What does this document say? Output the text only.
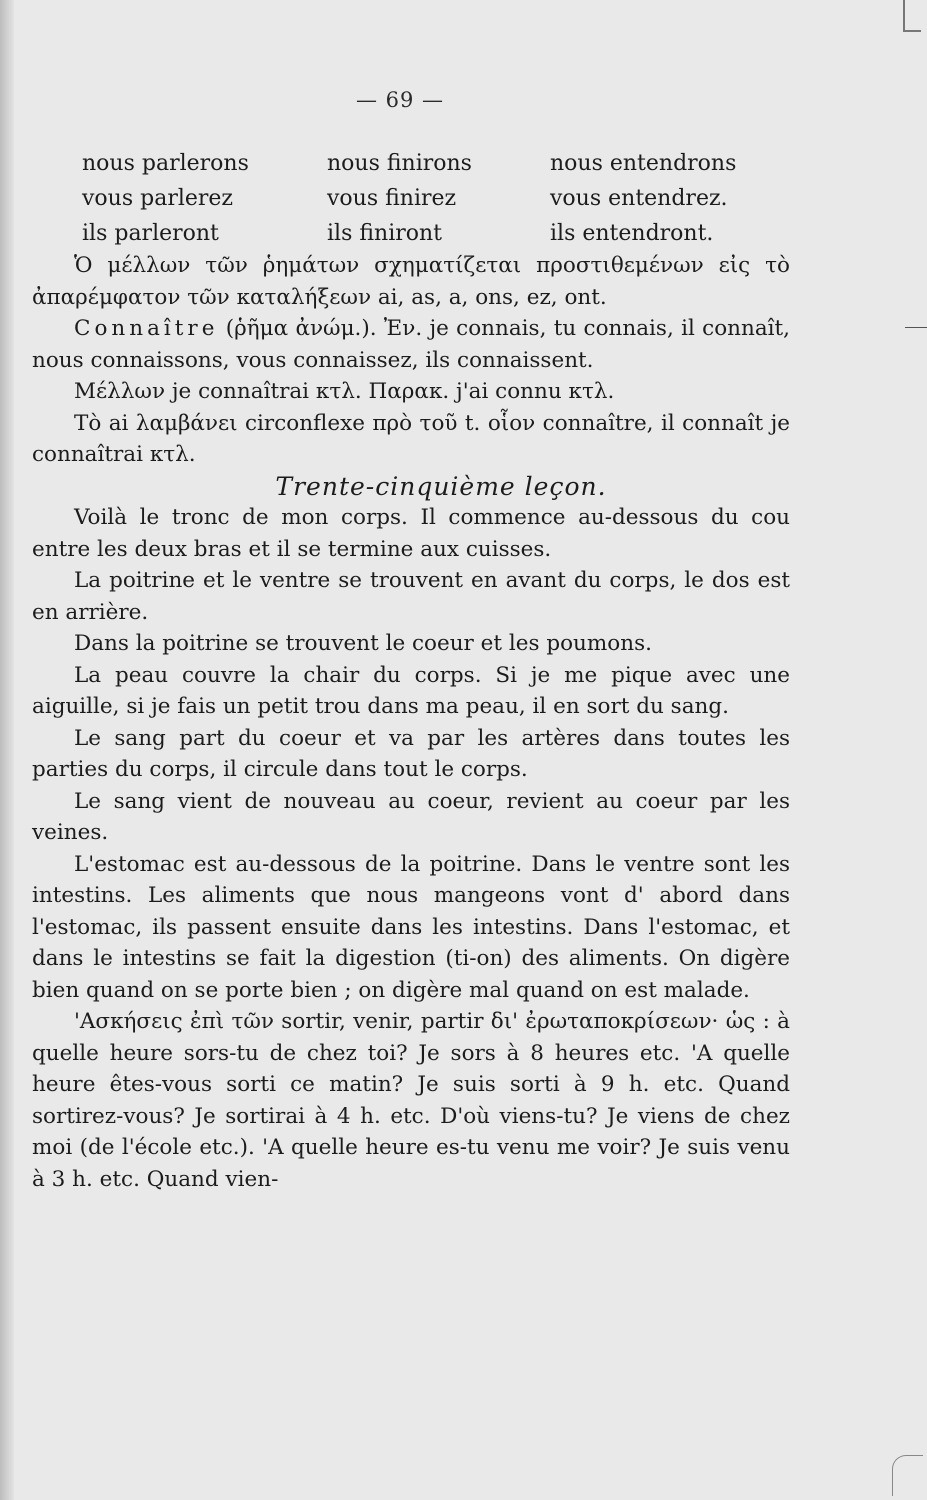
— 69 —
nous parlerons
vous parlerez
ils parleront
nous finirons
vous finirez
ils finiront
nous entendrons
vous entendrez.
ils entendront.

Ὁ μέλλων τῶν ῥημάτων σχηματίζεται προστιθεμένων εἰς τὸ ἀπαρέμφατον τῶν καταλήξεων ai, as, a, ons, ez, ont.

Connaître (ῥῆμα ἀνώμ.). Ἐν. je connais, tu connais, il connaît, nous connaissons, vous connaissez, ils connaissent.

Μέλλων je connaîtrai κτλ. Παρακ. j'ai connu κτλ.

Τὸ ai λαμβάνει circonflexe πρὸ τοῦ t. οἷον connaître, il connaît je connaîtrai κτλ.

Trente-cinquième leçon.

Voilà le tronc de mon corps. Il commence au-dessous du cou entre les deux bras et il se termine aux cuisses.

La poitrine et le ventre se trouvent en avant du corps, le dos est en arrière.

Dans la poitrine se trouvent le coeur et les poumons.

La peau couvre la chair du corps. Si je me pique avec une aiguille, si je fais un petit trou dans ma peau, il en sort du sang.

Le sang part du coeur et va par les artères dans toutes les parties du corps, il circule dans tout le corps.

Le sang vient de nouveau au coeur, revient au coeur par les veines.

L'estomac est au-dessous de la poitrine. Dans le ventre sont les intestins. Les aliments que nous mangeons vont d' abord dans l'estomac, ils passent ensuite dans les intestins. Dans l'estomac, et dans le intestins se fait la digestion (ti-on) des aliments. On digère bien quand on se porte bien ; on digère mal quand on est malade.

'Ασκήσεις ἐπὶ τῶν sortir, venir, partir δι' ἐρωταποκρίσεων· ὡς : à quelle heure sors-tu de chez toi? Je sors à 8 heures etc. 'A quelle heure êtes-vous sorti ce matin? Je suis sorti à 9 h. etc. Quand sortirez-vous? Je sortirai à 4 h. etc. D'où viens-tu? Je viens de chez moi (de l'école etc.). 'A quelle heure es-tu venu me voir? Je suis venu à 3 h. etc. Quand vien-
